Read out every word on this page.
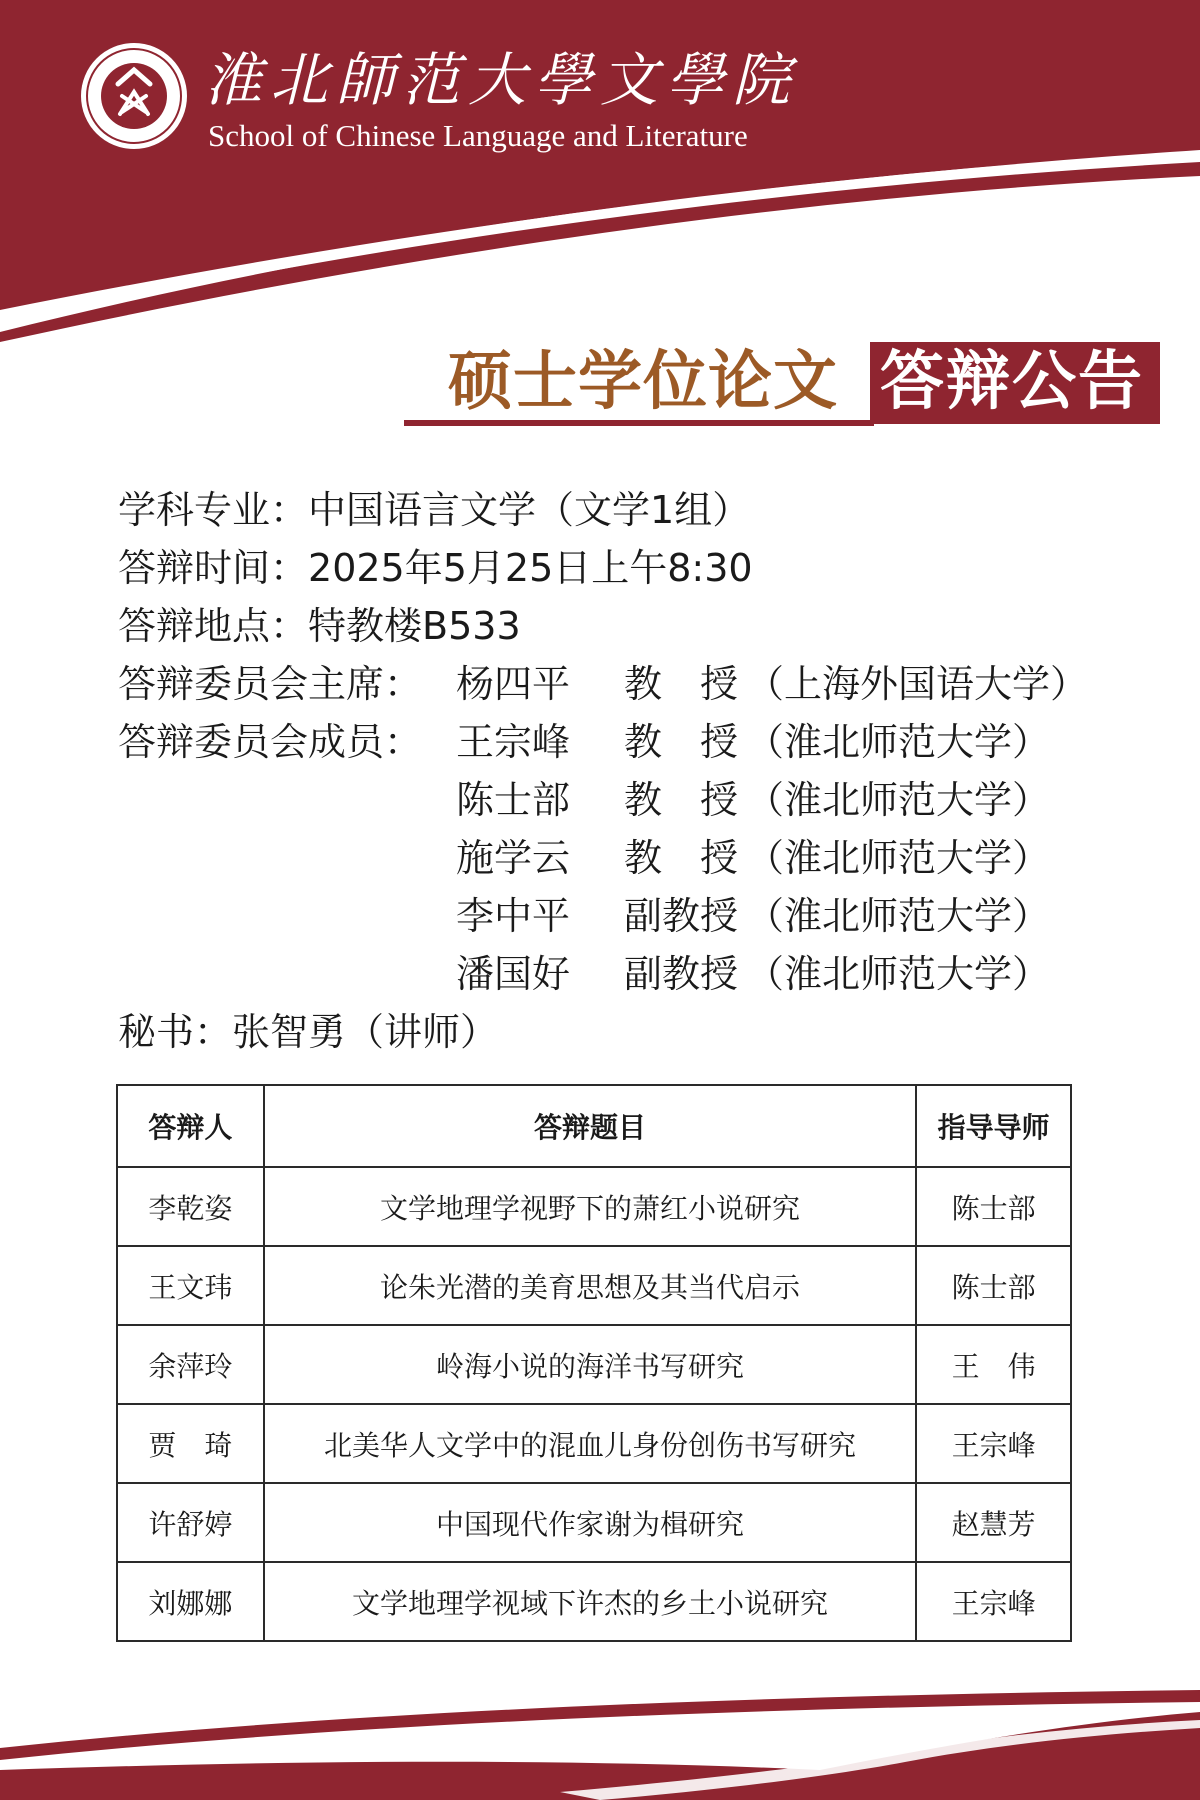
淮北師范大學文學院
School of Chinese Language and Literature
硕士学位论文 答辩公告
学科专业：中国语言文学（文学1组）
答辩时间：2025年5月25日上午8:30
答辩地点：特教楼B533
答辩委员会主席： 杨四平	教　授 （上海外国语大学）
答辩委员会成员： 王宗峰	教　授 （淮北师范大学）
陈士部	教　授 （淮北师范大学）
施学云	教　授 （淮北师范大学）
李中平	副教授 （淮北师范大学）
潘国好	副教授 （淮北师范大学）
秘书：张智勇（讲师）
答辩人	答辩题目	指导导师
李乾姿	文学地理学视野下的萧红小说研究	陈士部
王文玮	论朱光潜的美育思想及其当代启示	陈士部
余萍玲	岭海小说的海洋书写研究	王　伟
贾　琦	北美华人文学中的混血儿身份创伤书写研究	王宗峰
许舒婷	中国现代作家谢为楫研究	赵慧芳
刘娜娜	文学地理学视域下许杰的乡土小说研究	王宗峰
